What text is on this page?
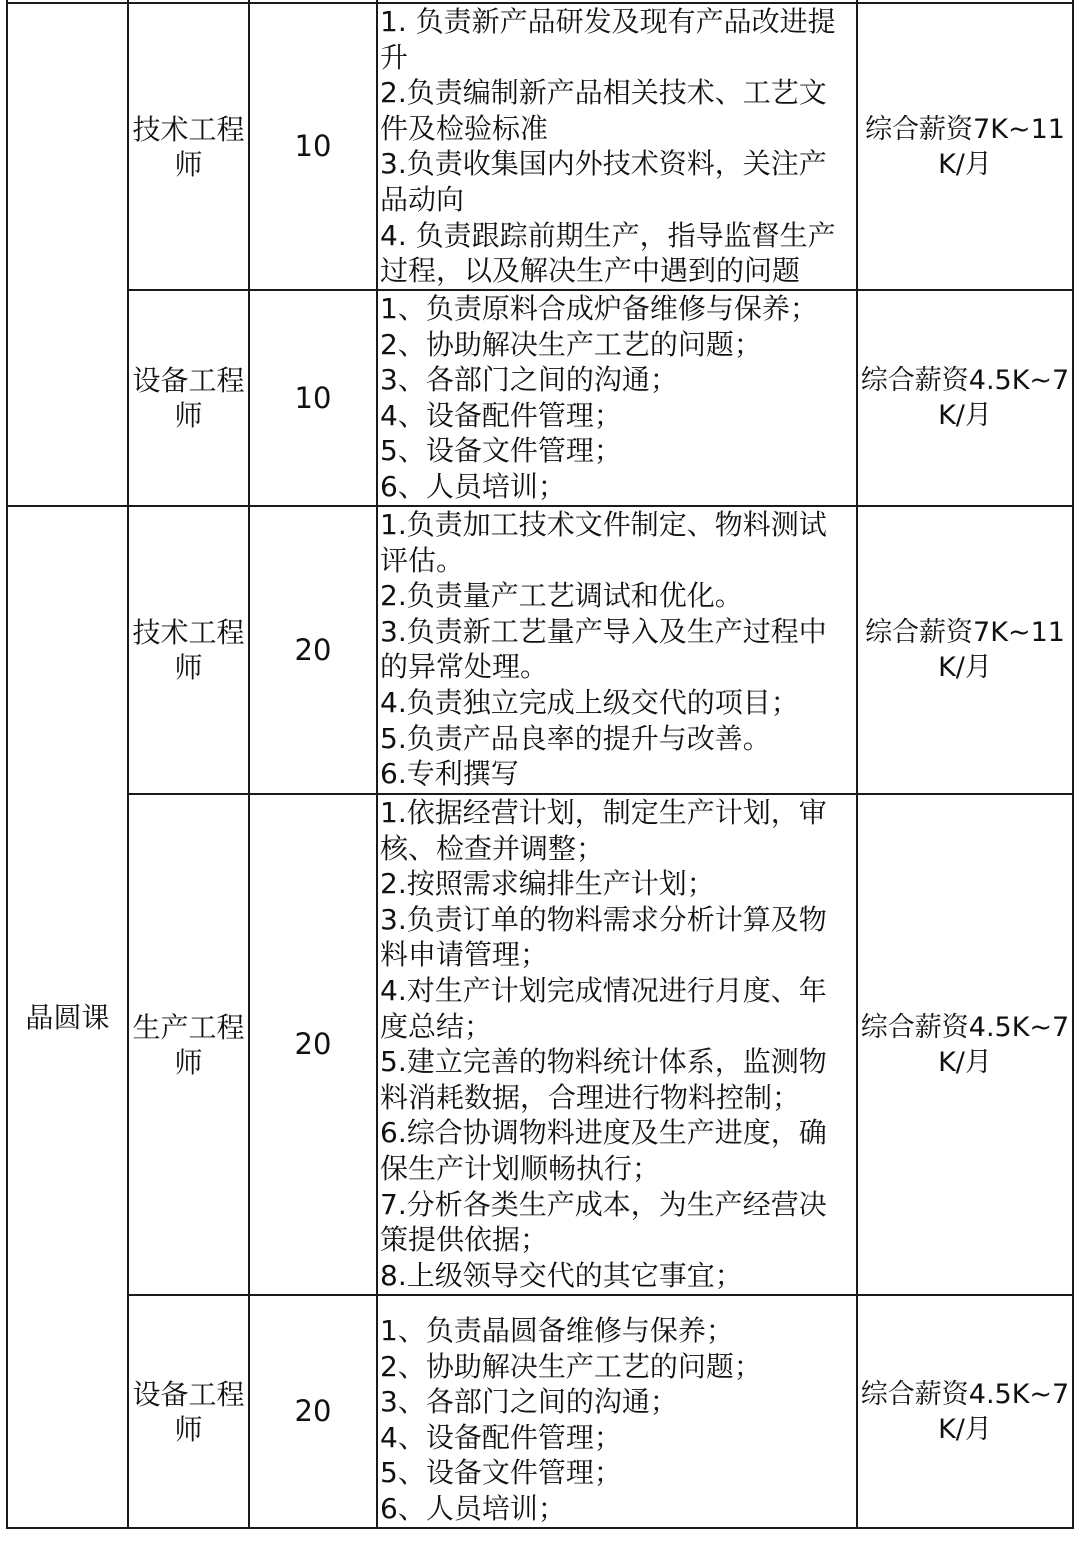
技术工程
师
10
1. 负责新产品研发及现有产品改进提
升
2.负责编制新产品相关技术、工艺文
件及检验标准
3.负责收集国内外技术资料，关注产
品动向
4. 负责跟踪前期生产，指导监督生产
过程，以及解决生产中遇到的问题
综合薪资7K~11
K/月
设备工程
师
10
1、负责原料合成炉备维修与保养；
2、协助解决生产工艺的问题；
3、各部门之间的沟通；
4、设备配件管理；
5、设备文件管理；
6、人员培训；
综合薪资4.5K~7
K/月
晶圆课
技术工程
师
20
1.负责加工技术文件制定、物料测试
评估。
2.负责量产工艺调试和优化。
3.负责新工艺量产导入及生产过程中
的异常处理。
4.负责独立完成上级交代的项目；
5.负责产品良率的提升与改善。
6.专利撰写
综合薪资7K~11
K/月
生产工程
师
20
1.依据经营计划，制定生产计划，审
核、检查并调整；
2.按照需求编排生产计划；
3.负责订单的物料需求分析计算及物
料申请管理；
4.对生产计划完成情况进行月度、年
度总结；
5.建立完善的物料统计体系，监测物
料消耗数据，合理进行物料控制；
6.综合协调物料进度及生产进度，确
保生产计划顺畅执行；
7.分析各类生产成本，为生产经营决
策提供依据；
8.上级领导交代的其它事宜；
综合薪资4.5K~7
K/月
设备工程
师
20
1、负责晶圆备维修与保养；
2、协助解决生产工艺的问题；
3、各部门之间的沟通；
4、设备配件管理；
5、设备文件管理；
6、人员培训；
综合薪资4.5K~7
K/月
